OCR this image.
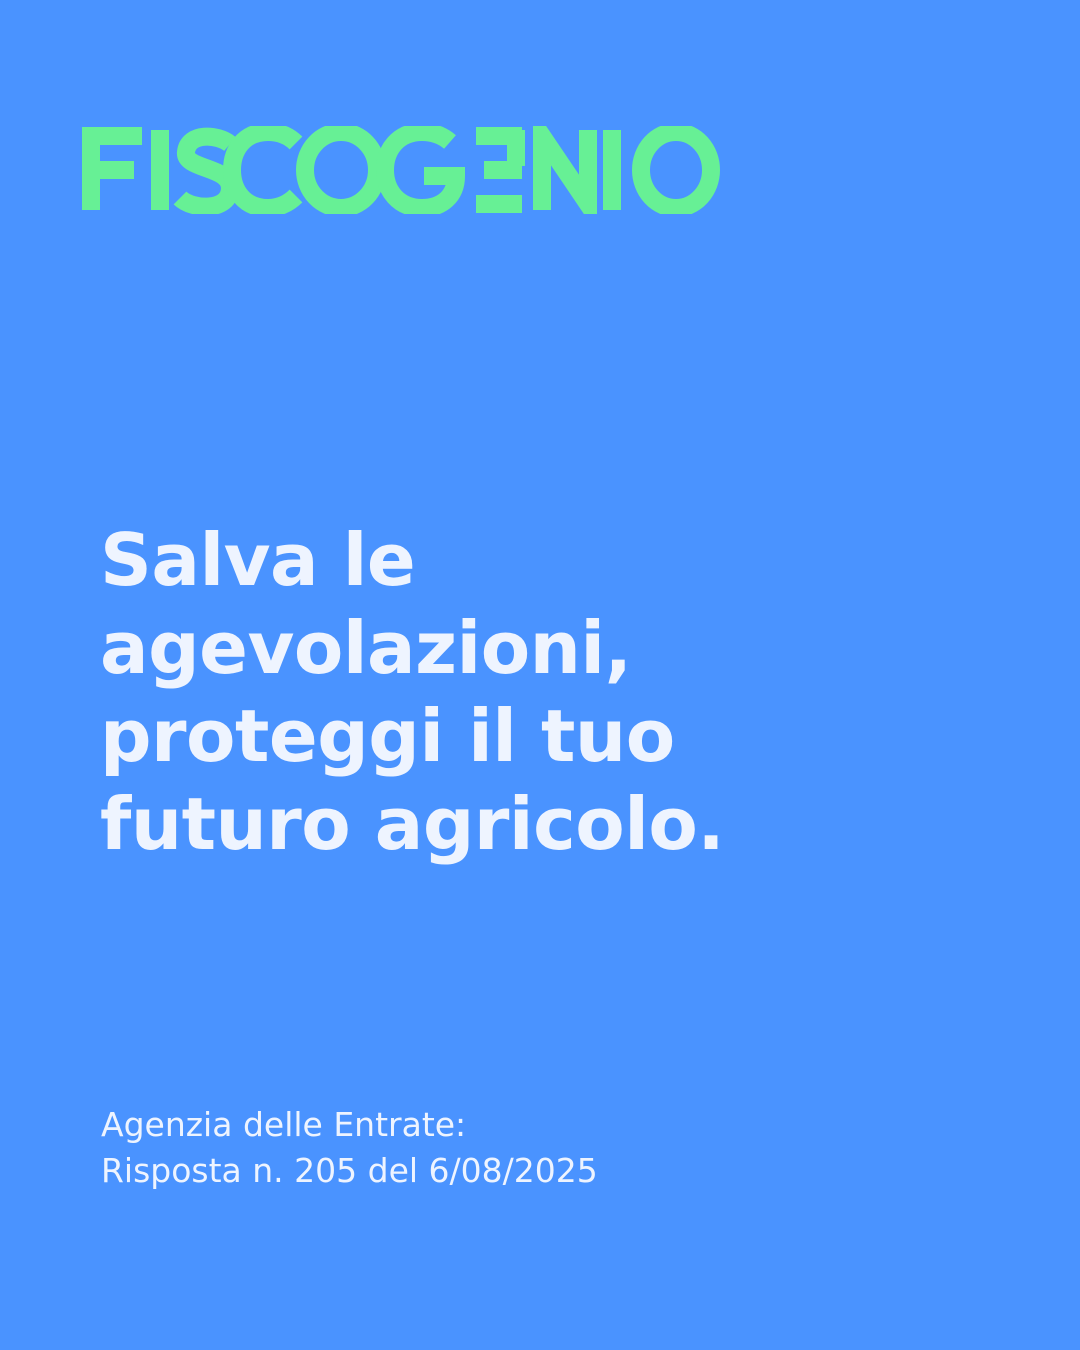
Salva le
agevolazioni,
proteggi il tuo
futuro agricolo.
Agenzia delle Entrate:
Risposta n. 205 del 6/08/2025
